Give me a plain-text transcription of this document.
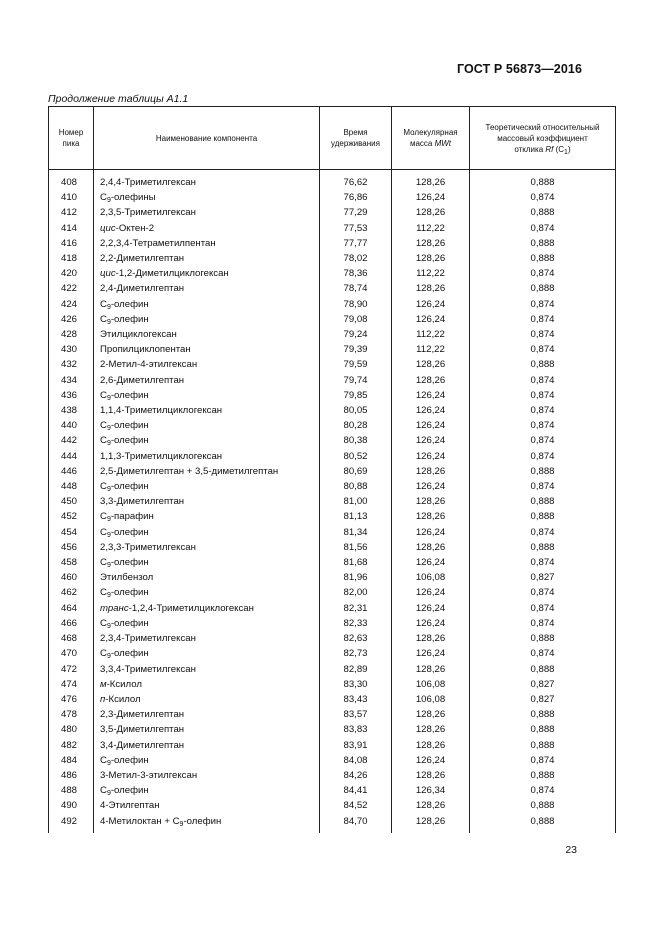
ГОСТ Р 56873—2016
Продолжение таблицы А1.1
Номер пика	Наименование компонента	Время удерживания	Молекулярная масса MWt	Теоретический относительный массовый коэффициент отклика Rf $(C_1)$

408	2,4,4-Триметилгексан	76,62	128,26	0,888
410	$C_9$-олефины	76,86	126,24	0,874
412	2,3,5-Триметилгексан	77,29	128,26	0,888
414	цис-Октен-2	77,53	112,22	0,874
416	2,2,3,4-Тетраметилпентан	77,77	128,26	0,888
418	2,2-Диметилгептан	78,02	128,26	0,888
420	цис-1,2-Диметилциклогексан	78,36	112,22	0,874
422	2,4-Диметилгептан	78,74	128,26	0,888
424	$C_9$-олефин	78,90	126,24	0,874
426	$C_9$-олефин	79,08	126,24	0,874
428	Этилциклогексан	79,24	112,22	0,874
430	Пропилциклопентан	79,39	112,22	0,874
432	2-Метил-4-этилгексан	79,59	128,26	0,888
434	2,6-Диметилгептан	79,74	128,26	0,874
436	$C_9$-олефин	79,85	126,24	0,874
438	1,1,4-Триметилциклогексан	80,05	126,24	0,874
440	$C_9$-олефин	80,28	126,24	0,874
442	$C_9$-олефин	80,38	126,24	0,874
444	1,1,3-Триметилциклогексан	80,52	126,24	0,874
446	2,5-Диметилгептан + 3,5-диметилгептан	80,69	128,26	0,888
448	$C_9$-олефин	80,88	126,24	0,874
450	3,3-Диметилгептан	81,00	128,26	0,888
452	$C_9$-парафин	81,13	128,26	0,888
454	$C_9$-олефин	81,34	126,24	0,874
456	2,3,3-Триметилгексан	81,56	128,26	0,888
458	$C_9$-олефин	81,68	126,24	0,874
460	Этилбензол	81,96	106,08	0,827
462	$C_9$-олефин	82,00	126,24	0,874
464	транс-1,2,4-Триметилциклогексан	82,31	126,24	0,874
466	$C_9$-олефин	82,33	126,24	0,874
468	2,3,4-Триметилгексан	82,63	128,26	0,888
470	$C_9$-олефин	82,73	126,24	0,874
472	3,3,4-Триметилгексан	82,89	128,26	0,888
474	м-Ксилол	83,30	106,08	0,827
476	п-Ксилол	83,43	106,08	0,827
478	2,3-Диметилгептан	83,57	128,26	0,888
480	3,5-Диметилгептан	83,83	128,26	0,888
482	3,4-Диметилгептан	83,91	128,26	0,888
484	$C_9$-олефин	84,08	126,24	0,874
486	3-Метил-3-этилгексан	84,26	128,26	0,888
488	$C_9$-олефин	84,41	126,34	0,874
490	4-Этилгептан	84,52	128,26	0,888
492	4-Метилоктан + $C_9$-олефин	84,70	128,26	0,888
23
